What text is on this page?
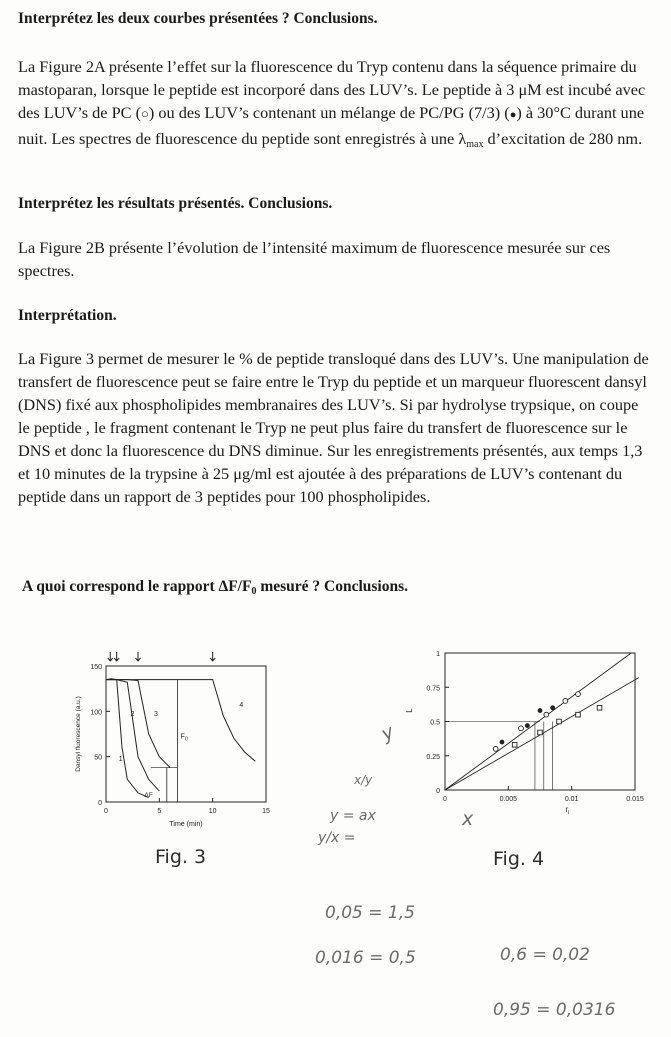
Interprétez les deux courbes présentées ? Conclusions.

La Figure 2A présente l’effet sur la fluorescence du Tryp contenu dans la séquence primaire du mastoparan, lorsque le peptide est incorporé dans des LUV’s. Le peptide à 3 μM est incubé avec des LUV’s de PC (○) ou des LUV’s contenant un mélange de PC/PG (7/3) (●) à 30°C durant une nuit. Les spectres de fluorescence du peptide sont enregistrés à une $\lambda_{max}$ d’excitation de 280 nm.

Interprétez les résultats présentés. Conclusions.

La Figure 2B présente l’évolution de l’intensité maximum de fluorescence mesurée sur ces spectres.

Interprétation.

La Figure 3 permet de mesurer le % de peptide transloqué dans des LUV’s. Une manipulation de transfert de fluorescence peut se faire entre le Tryp du peptide et un marqueur fluorescent dansyl (DNS) fixé aux phospholipides membranaires des LUV’s. Si par hydrolyse trypsique, on coupe le peptide , le fragment contenant le Tryp ne peut plus faire du transfert de fluorescence sur le DNS et donc la fluorescence du DNS diminue. Sur les enregistrements présentés, aux temps 1,3 et 10 minutes de la trypsine à 25 μg/ml est ajoutée à des préparations de LUV’s contenant du peptide dans un rapport de 3 peptides pour 100 phospholipides.

A quoi correspond le rapport $\Delta F/F_0$ mesuré ? Conclusions.
0
50
100
150
0	5	10	15
Time (min)
Dansyl fluorescence (a.u.)	1
2	3
4
$F_0$
ΔF
Fig. 3
0
0.25
0.5
0.75
1
0	0.005	0.01	0.015
L
$r_i$
Fig. 4
y
x/y
y = ax
y/x =
x
0,05 = 1,5
0,016 = 0,5	0,6 = 0,02
0,95 = 0,0316
